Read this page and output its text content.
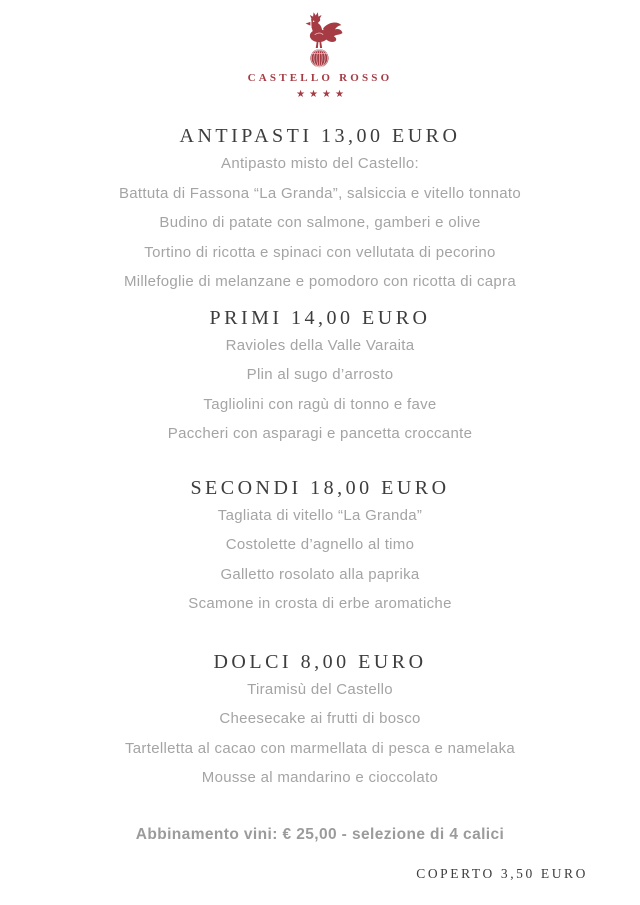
CASTELLO ROSSO
★★★★
ANTIPASTI 13,00 EURO
Antipasto misto del Castello:
Battuta di Fassona “La Granda”, salsiccia e vitello tonnato
Budino di patate con salmone, gamberi e olive
Tortino di ricotta e spinaci con vellutata di pecorino
Millefoglie di melanzane e pomodoro con ricotta di capra
PRIMI 14,00 EURO
Ravioles della Valle Varaita
Plin al sugo d’arrosto
Tagliolini con ragù di tonno e fave
Paccheri con asparagi e pancetta croccante
SECONDI 18,00 EURO
Tagliata di vitello “La Granda”
Costolette d’agnello al timo
Galletto rosolato alla paprika
Scamone in crosta di erbe aromatiche
DOLCI 8,00 EURO
Tiramisù del Castello
Cheesecake ai frutti di bosco
Tartelletta al cacao con marmellata di pesca e namelaka
Mousse al mandarino e cioccolato
Abbinamento vini: € 25,00 - selezione di 4 calici
COPERTO 3,50 EURO
